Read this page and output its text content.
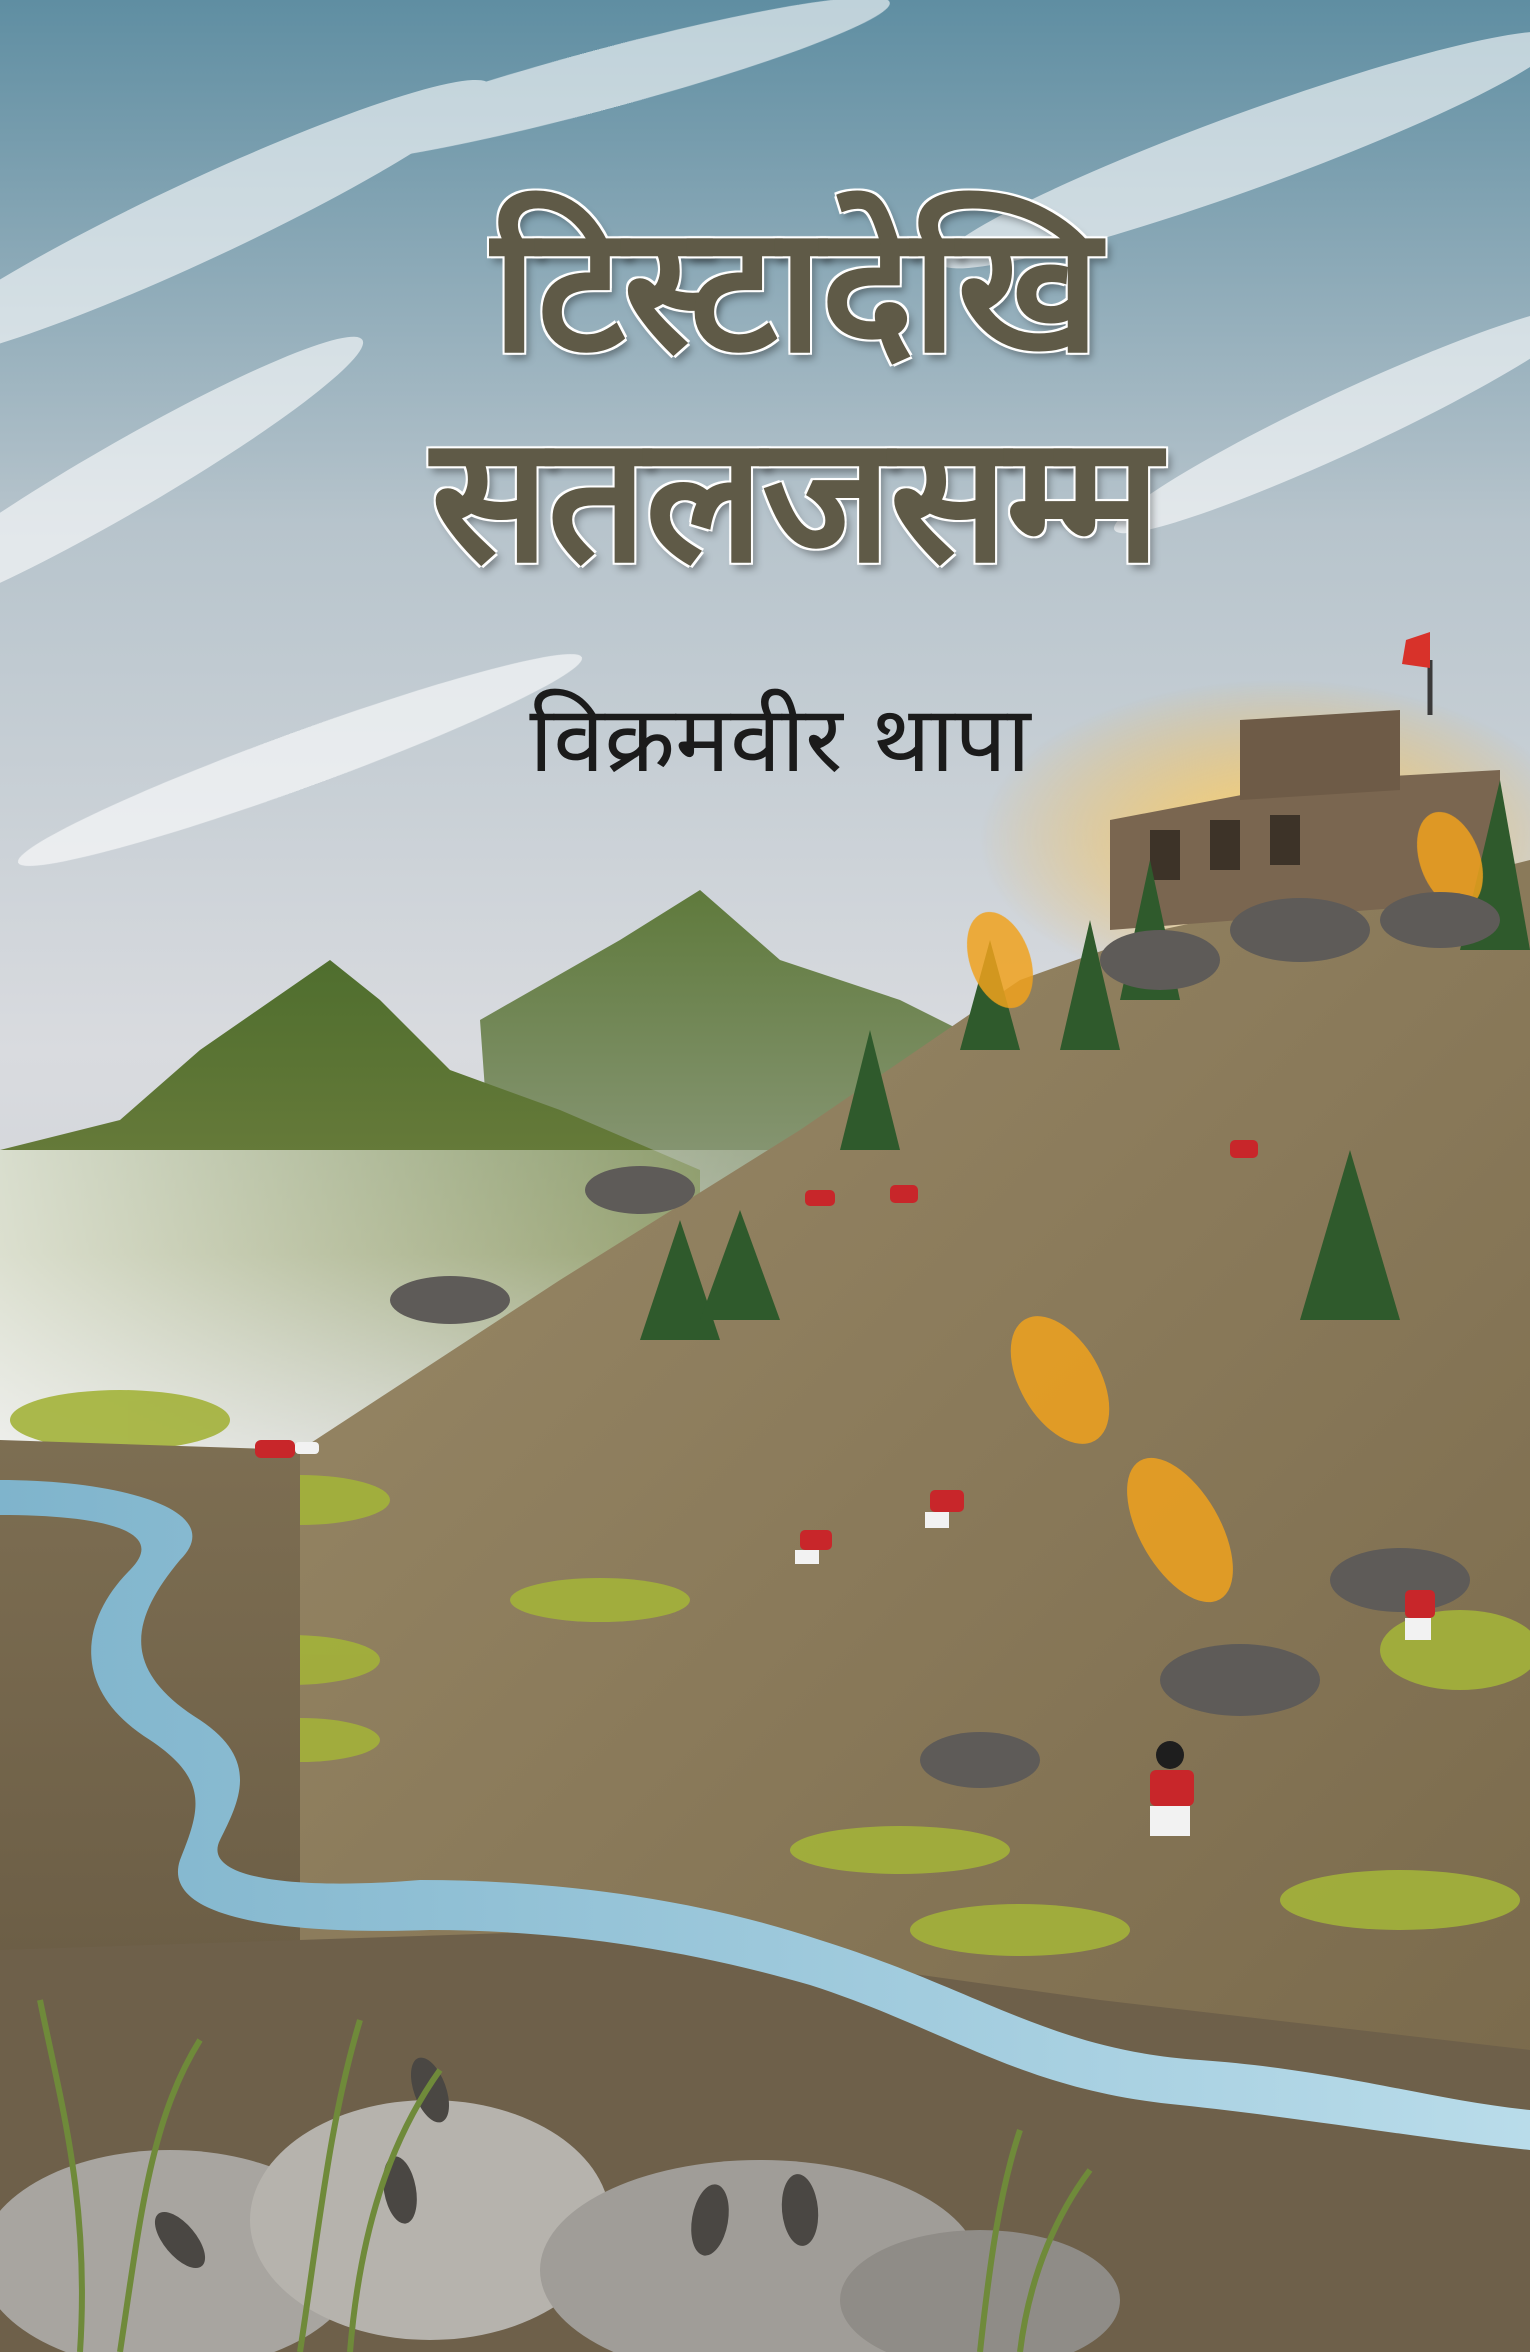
टिस्टादेखि
सतलजसम्म
विक्रमवीर थापा
